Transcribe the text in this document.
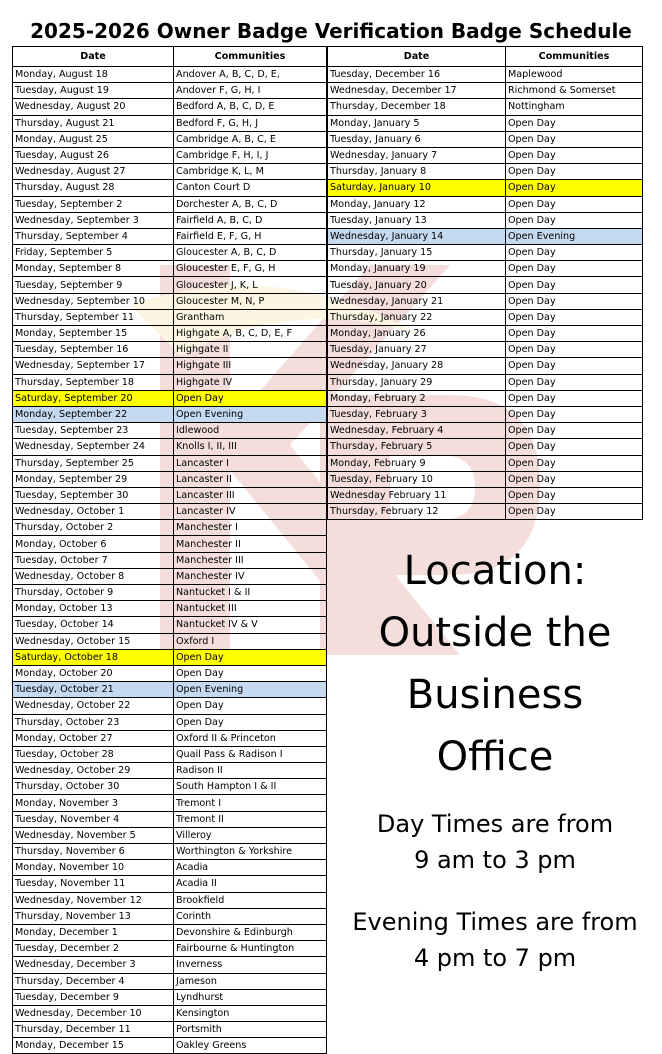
2025-2026 Owner Badge Verification Badge Schedule
Date	Communities
Monday, August 18	Andover A, B, C, D, E,
Tuesday, August 19	Andover F, G, H, I
Wednesday, August 20	Bedford A, B, C, D, E
Thursday, August 21	Bedford F, G, H, J
Monday, August 25	Cambridge A, B, C, E
Tuesday, August 26	Cambridge F, H, I, J
Wednesday, August 27	Cambridge K, L, M
Thursday, August 28	Canton Court D
Tuesday, September 2	Dorchester A, B, C, D
Wednesday, September 3	Fairfield A, B, C, D
Thursday, September 4	Fairfield E, F, G, H
Friday, September 5	Gloucester A, B, C, D
Monday, September 8	Gloucester E, F, G, H
Tuesday, September 9	Gloucester J, K, L
Wednesday, September 10	Gloucester M, N, P
Thursday, September 11	Grantham
Monday, September 15	Highgate A, B, C, D, E, F
Tuesday, September 16	Highgate II
Wednesday, September 17	Highgate III
Thursday, September 18	Highgate IV
Saturday, September 20	Open Day
Monday, September 22	Open Evening
Tuesday, September 23	Idlewood
Wednesday, September 24	Knolls I, II, III
Thursday, September 25	Lancaster I
Monday, September 29	Lancaster II
Tuesday, September 30	Lancaster III
Wednesday, October 1	Lancaster IV
Thursday, October 2	Manchester I
Monday, October 6	Manchester II
Tuesday, October 7	Manchester III
Wednesday, October 8	Manchester IV
Thursday, October 9	Nantucket I & II
Monday, October 13	Nantucket III
Tuesday, October 14	Nantucket IV & V
Wednesday, October 15	Oxford I
Saturday, October 18	Open Day
Monday, October 20	Open Day
Tuesday, October 21	Open Evening
Wednesday, October 22	Open Day
Thursday, October 23	Open Day
Monday, October 27	Oxford II & Princeton
Tuesday, October 28	Quail Pass & Radison I
Wednesday, October 29	Radison II
Thursday, October 30	South Hampton I & II
Monday, November 3	Tremont I
Tuesday, November 4	Tremont II
Wednesday, November 5	Villeroy
Thursday, November 6	Worthington & Yorkshire
Monday, November 10	Acadia
Tuesday, November 11	Acadia II
Wednesday, November 12	Brookfield
Thursday, November 13	Corinth
Monday, December 1	Devonshire & Edinburgh
Tuesday, December 2	Fairbourne & Huntington
Wednesday, December 3	Inverness
Thursday, December 4	Jameson
Tuesday, December 9	Lyndhurst
Wednesday, December 10	Kensington
Thursday, December 11	Portsmith
Monday, December 15	Oakley Greens
Date	Communities
Tuesday, December 16	Maplewood
Wednesday, December 17	Richmond & Somerset
Thursday, December 18	Nottingham
Monday, January 5	Open Day
Tuesday, January 6	Open Day
Wednesday, January 7	Open Day
Thursday, January 8	Open Day
Saturday, January 10	Open Day
Monday, January 12	Open Day
Tuesday, January 13	Open Day
Wednesday, January 14	Open Evening
Thursday, January 15	Open Day
Monday, January 19	Open Day
Tuesday, January 20	Open Day
Wednesday, January 21	Open Day
Thursday, January 22	Open Day
Monday, January 26	Open Day
Tuesday, January 27	Open Day
Wednesday, January 28	Open Day
Thursday, January 29	Open Day
Monday, February 2	Open Day
Tuesday, February 3	Open Day
Wednesday, February 4	Open Day
Thursday, February 5	Open Day
Monday, February 9	Open Day
Tuesday, February 10	Open Day
Wednesday February 11	Open Day
Thursday, February 12	Open Day
Location:
Outside the
Business
Office
Day Times are from
9 am to 3 pm
Evening Times are from
4 pm to 7 pm
